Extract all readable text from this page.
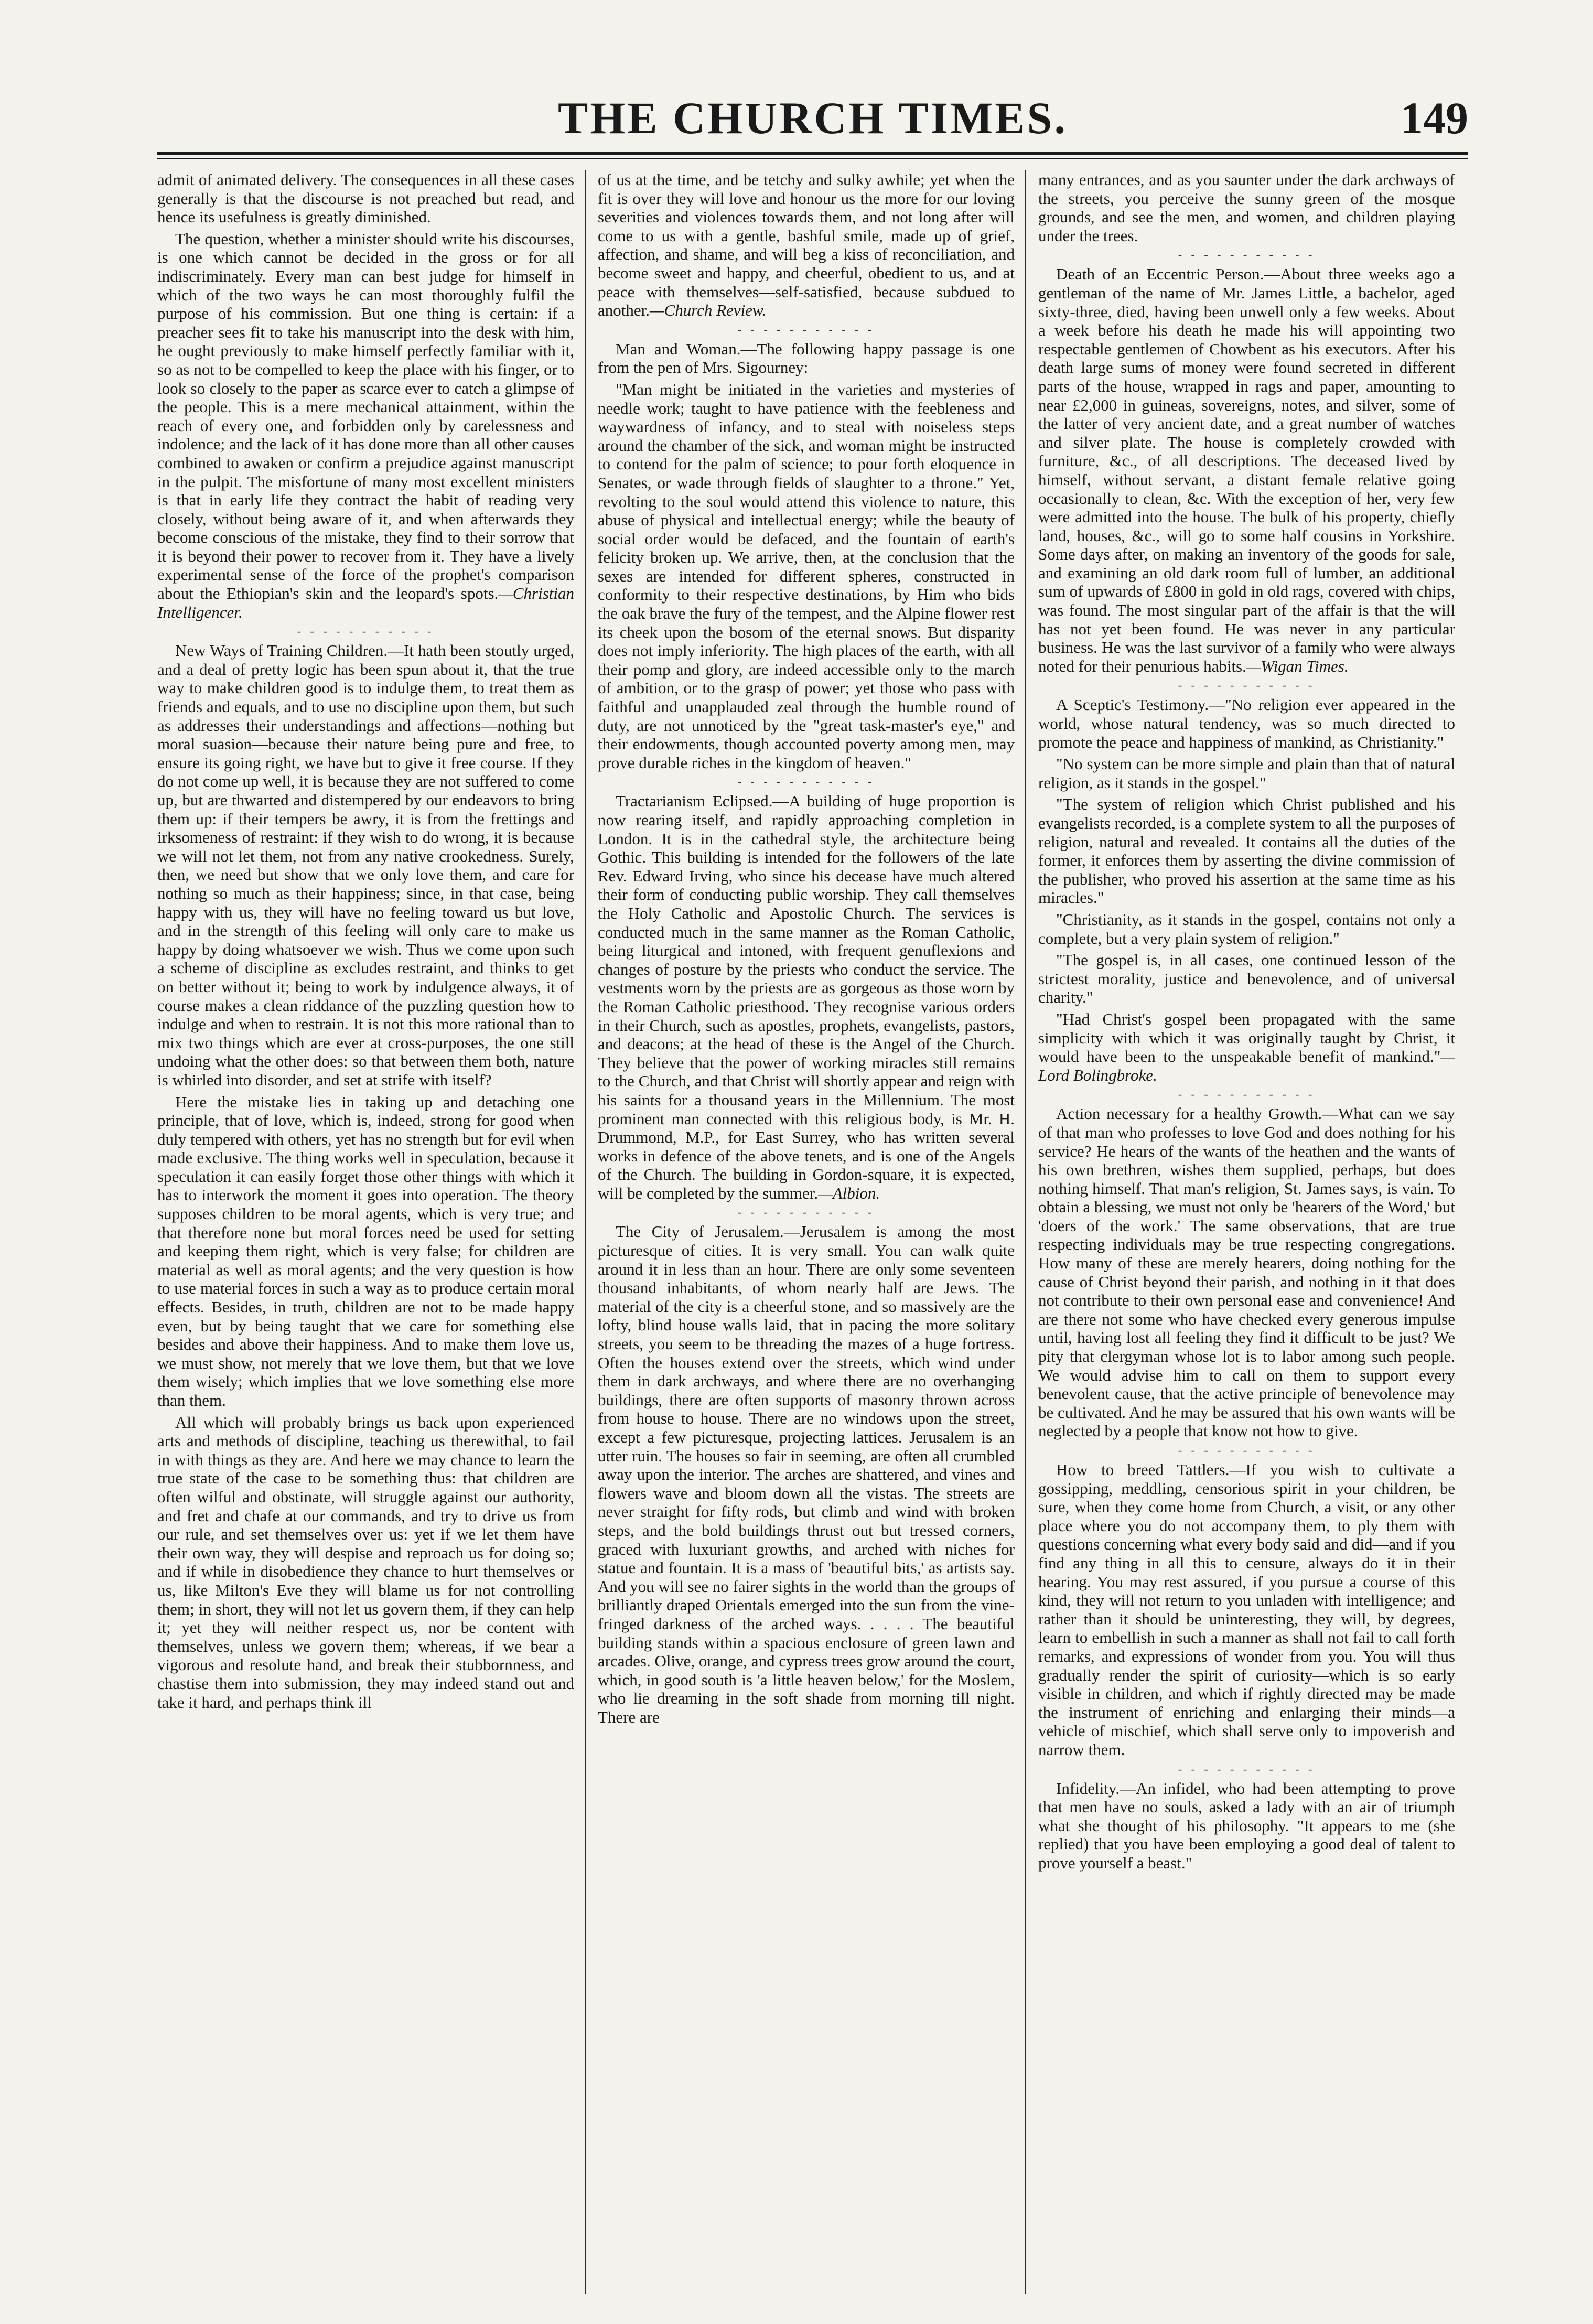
THE CHURCH TIMES.	149

admit of animated delivery. The consequences in all these cases generally is that the discourse is not preached but read, and hence its usefulness is greatly diminished.

The question, whether a minister should write his discourses, is one which cannot be decided in the gross or for all indiscriminately. Every man can best judge for himself in which of the two ways he can most thoroughly fulfil the purpose of his commission. But one thing is certain: if a preacher sees fit to take his manuscript into the desk with him, he ought previously to make himself perfectly familiar with it, so as not to be compelled to keep the place with his finger, or to look so closely to the paper as scarce ever to catch a glimpse of the people. This is a mere mechanical attainment, within the reach of every one, and forbidden only by carelessness and indolence; and the lack of it has done more than all other causes combined to awaken or confirm a prejudice against manuscript in the pulpit. The misfortune of many most excellent ministers is that in early life they contract the habit of reading very closely, without being aware of it, and when afterwards they become conscious of the mistake, they find to their sorrow that it is beyond their power to recover from it. They have a lively experimental sense of the force of the prophet's comparison about the Ethiopian's skin and the leopard's spots.—Christian Intelligencer.

- - - - - - - - - - -

New Ways of Training Children.—It hath been stoutly urged, and a deal of pretty logic has been spun about it, that the true way to make children good is to indulge them, to treat them as friends and equals, and to use no discipline upon them, but such as addresses their understandings and affections—nothing but moral suasion—because their nature being pure and free, to ensure its going right, we have but to give it free course. If they do not come up well, it is because they are not suffered to come up, but are thwarted and distempered by our endeavors to bring them up: if their tempers be awry, it is from the frettings and irksomeness of restraint: if they wish to do wrong, it is because we will not let them, not from any native crookedness. Surely, then, we need but show that we only love them, and care for nothing so much as their happiness; since, in that case, being happy with us, they will have no feeling toward us but love, and in the strength of this feeling will only care to make us happy by doing whatsoever we wish. Thus we come upon such a scheme of discipline as excludes restraint, and thinks to get on better without it; being to work by indulgence always, it of course makes a clean riddance of the puzzling question how to indulge and when to restrain. It is not this more rational than to mix two things which are ever at cross-purposes, the one still undoing what the other does: so that between them both, nature is whirled into disorder, and set at strife with itself?

Here the mistake lies in taking up and detaching one principle, that of love, which is, indeed, strong for good when duly tempered with others, yet has no strength but for evil when made exclusive. The thing works well in speculation, because it speculation it can easily forget those other things with which it has to interwork the moment it goes into operation. The theory supposes children to be moral agents, which is very true; and that therefore none but moral forces need be used for setting and keeping them right, which is very false; for children are material as well as moral agents; and the very question is how to use material forces in such a way as to produce certain moral effects. Besides, in truth, children are not to be made happy even, but by being taught that we care for something else besides and above their happiness. And to make them love us, we must show, not merely that we love them, but that we love them wisely; which implies that we love something else more than them.

All which will probably brings us back upon experienced arts and methods of discipline, teaching us therewithal, to fail in with things as they are. And here we may chance to learn the true state of the case to be something thus: that children are often wilful and obstinate, will struggle against our authority, and fret and chafe at our commands, and try to drive us from our rule, and set themselves over us: yet if we let them have their own way, they will despise and reproach us for doing so; and if while in disobedience they chance to hurt themselves or us, like Milton's Eve they will blame us for not controlling them; in short, they will not let us govern them, if they can help it; yet they will neither respect us, nor be content with themselves, unless we govern them; whereas, if we bear a vigorous and resolute hand, and break their stubbornness, and chastise them into submission, they may indeed stand out and take it hard, and perhaps think ill

of us at the time, and be tetchy and sulky awhile; yet when the fit is over they will love and honour us the more for our loving severities and violences towards them, and not long after will come to us with a gentle, bashful smile, made up of grief, affection, and shame, and will beg a kiss of reconciliation, and become sweet and happy, and cheerful, obedient to us, and at peace with themselves—self-satisfied, because subdued to another.—Church Review.

- - - - - - - - - - -

Man and Woman.—The following happy passage is one from the pen of Mrs. Sigourney:

"Man might be initiated in the varieties and mysteries of needle work; taught to have patience with the feebleness and waywardness of infancy, and to steal with noiseless steps around the chamber of the sick, and woman might be instructed to contend for the palm of science; to pour forth eloquence in Senates, or wade through fields of slaughter to a throne." Yet, revolting to the soul would attend this violence to nature, this abuse of physical and intellectual energy; while the beauty of social order would be defaced, and the fountain of earth's felicity broken up. We arrive, then, at the conclusion that the sexes are intended for different spheres, constructed in conformity to their respective destinations, by Him who bids the oak brave the fury of the tempest, and the Alpine flower rest its cheek upon the bosom of the eternal snows. But disparity does not imply inferiority. The high places of the earth, with all their pomp and glory, are indeed accessible only to the march of ambition, or to the grasp of power; yet those who pass with faithful and unapplauded zeal through the humble round of duty, are not unnoticed by the "great task-master's eye," and their endowments, though accounted poverty among men, may prove durable riches in the kingdom of heaven."

- - - - - - - - - - -

Tractarianism Eclipsed.—A building of huge proportion is now rearing itself, and rapidly approaching completion in London. It is in the cathedral style, the architecture being Gothic. This building is intended for the followers of the late Rev. Edward Irving, who since his decease have much altered their form of conducting public worship. They call themselves the Holy Catholic and Apostolic Church. The services is conducted much in the same manner as the Roman Catholic, being liturgical and intoned, with frequent genuflexions and changes of posture by the priests who conduct the service. The vestments worn by the priests are as gorgeous as those worn by the Roman Catholic priesthood. They recognise various orders in their Church, such as apostles, prophets, evangelists, pastors, and deacons; at the head of these is the Angel of the Church. They believe that the power of working miracles still remains to the Church, and that Christ will shortly appear and reign with his saints for a thousand years in the Millennium. The most prominent man connected with this religious body, is Mr. H. Drummond, M.P., for East Surrey, who has written several works in defence of the above tenets, and is one of the Angels of the Church. The building in Gordon-square, it is expected, will be completed by the summer.—Albion.

- - - - - - - - - - -

The City of Jerusalem.—Jerusalem is among the most picturesque of cities. It is very small. You can walk quite around it in less than an hour. There are only some seventeen thousand inhabitants, of whom nearly half are Jews. The material of the city is a cheerful stone, and so massively are the lofty, blind house walls laid, that in pacing the more solitary streets, you seem to be threading the mazes of a huge fortress. Often the houses extend over the streets, which wind under them in dark archways, and where there are no overhanging buildings, there are often supports of masonry thrown across from house to house. There are no windows upon the street, except a few picturesque, projecting lattices. Jerusalem is an utter ruin. The houses so fair in seeming, are often all crumbled away upon the interior. The arches are shattered, and vines and flowers wave and bloom down all the vistas. The streets are never straight for fifty rods, but climb and wind with broken steps, and the bold buildings thrust out but tressed corners, graced with luxuriant growths, and arched with niches for statue and fountain. It is a mass of 'beautiful bits,' as artists say. And you will see no fairer sights in the world than the groups of brilliantly draped Orientals emerged into the sun from the vine-fringed darkness of the arched ways. . . . . The beautiful building stands within a spacious enclosure of green lawn and arcades. Olive, orange, and cypress trees grow around the court, which, in good south is 'a little heaven below,' for the Moslem, who lie dreaming in the soft shade from morning till night. There are

many entrances, and as you saunter under the dark archways of the streets, you perceive the sunny green of the mosque grounds, and see the men, and women, and children playing under the trees.

- - - - - - - - - - -

Death of an Eccentric Person.—About three weeks ago a gentleman of the name of Mr. James Little, a bachelor, aged sixty-three, died, having been unwell only a few weeks. About a week before his death he made his will appointing two respectable gentlemen of Chowbent as his executors. After his death large sums of money were found secreted in different parts of the house, wrapped in rags and paper, amounting to near £2,000 in guineas, sovereigns, notes, and silver, some of the latter of very ancient date, and a great number of watches and silver plate. The house is completely crowded with furniture, &c., of all descriptions. The deceased lived by himself, without servant, a distant female relative going occasionally to clean, &c. With the exception of her, very few were admitted into the house. The bulk of his property, chiefly land, houses, &c., will go to some half cousins in Yorkshire. Some days after, on making an inventory of the goods for sale, and examining an old dark room full of lumber, an additional sum of upwards of £800 in gold in old rags, covered with chips, was found. The most singular part of the affair is that the will has not yet been found. He was never in any particular business. He was the last survivor of a family who were always noted for their penurious habits.—Wigan Times.

- - - - - - - - - - -

A Sceptic's Testimony.—"No religion ever appeared in the world, whose natural tendency, was so much directed to promote the peace and happiness of mankind, as Christianity."

"No system can be more simple and plain than that of natural religion, as it stands in the gospel."

"The system of religion which Christ published and his evangelists recorded, is a complete system to all the purposes of religion, natural and revealed. It contains all the duties of the former, it enforces them by asserting the divine commission of the publisher, who proved his assertion at the same time as his miracles."

"Christianity, as it stands in the gospel, contains not only a complete, but a very plain system of religion."

"The gospel is, in all cases, one continued lesson of the strictest morality, justice and benevolence, and of universal charity."

"Had Christ's gospel been propagated with the same simplicity with which it was originally taught by Christ, it would have been to the unspeakable benefit of mankind."—Lord Bolingbroke.

- - - - - - - - - - -

Action necessary for a healthy Growth.—What can we say of that man who professes to love God and does nothing for his service? He hears of the wants of the heathen and the wants of his own brethren, wishes them supplied, perhaps, but does nothing himself. That man's religion, St. James says, is vain. To obtain a blessing, we must not only be 'hearers of the Word,' but 'doers of the work.' The same observations, that are true respecting individuals may be true respecting congregations. How many of these are merely hearers, doing nothing for the cause of Christ beyond their parish, and nothing in it that does not contribute to their own personal ease and convenience! And are there not some who have checked every generous impulse until, having lost all feeling they find it difficult to be just? We pity that clergyman whose lot is to labor among such people. We would advise him to call on them to support every benevolent cause, that the active principle of benevolence may be cultivated. And he may be assured that his own wants will be neglected by a people that know not how to give.

- - - - - - - - - - -

How to breed Tattlers.—If you wish to cultivate a gossipping, meddling, censorious spirit in your children, be sure, when they come home from Church, a visit, or any other place where you do not accompany them, to ply them with questions concerning what every body said and did—and if you find any thing in all this to censure, always do it in their hearing. You may rest assured, if you pursue a course of this kind, they will not return to you unladen with intelligence; and rather than it should be uninteresting, they will, by degrees, learn to embellish in such a manner as shall not fail to call forth remarks, and expressions of wonder from you. You will thus gradually render the spirit of curiosity—which is so early visible in children, and which if rightly directed may be made the instrument of enriching and enlarging their minds—a vehicle of mischief, which shall serve only to impoverish and narrow them.

- - - - - - - - - - -

Infidelity.—An infidel, who had been attempting to prove that men have no souls, asked a lady with an air of triumph what she thought of his philosophy. "It appears to me (she replied) that you have been employing a good deal of talent to prove yourself a beast."
